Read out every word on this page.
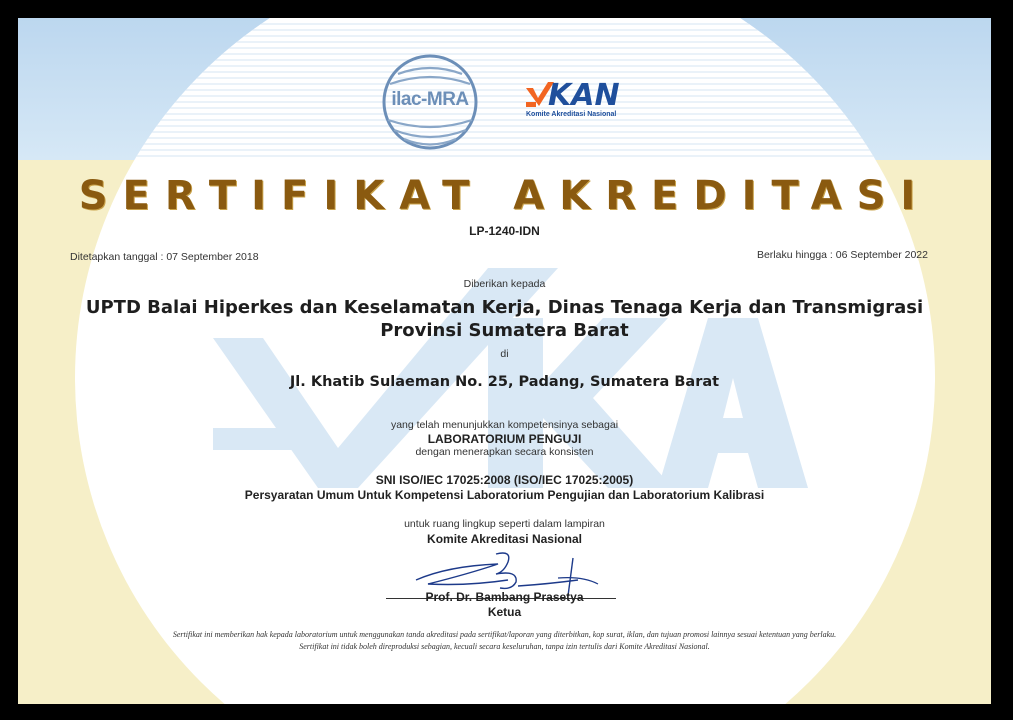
ilac-MRA	KAN
Komite Akreditasi Nasional
SERTIFIKAT AKREDITASI
LP-1240-IDN
Ditetapkan tanggal : 07 September 2018	Berlaku hingga : 06 September 2022
Diberikan kepada
UPTD Balai Hiperkes dan Keselamatan Kerja, Dinas Tenaga Kerja dan Transmigrasi
Provinsi Sumatera Barat
di
Jl. Khatib Sulaeman No. 25, Padang, Sumatera Barat
yang telah menunjukkan kompetensinya sebagai
LABORATORIUM PENGUJI
dengan menerapkan secara konsisten
SNI ISO/IEC 17025:2008 (ISO/IEC 17025:2005)
Persyaratan Umum Untuk Kompetensi Laboratorium Pengujian dan Laboratorium Kalibrasi
untuk ruang lingkup seperti dalam lampiran
Komite Akreditasi Nasional
Prof. Dr. Bambang Prasetya
Ketua
Sertifikat ini memberikan hak kepada laboratorium untuk menggunakan tanda akreditasi pada sertifikat/laporan yang diterbitkan, kop surat, iklan, dan tujuan promosi lainnya sesuai ketentuan yang berlaku.
Sertifikat ini tidak boleh direproduksi sebagian, kecuali secara keseluruhan, tanpa izin tertulis dari Komite Akreditasi Nasional.
